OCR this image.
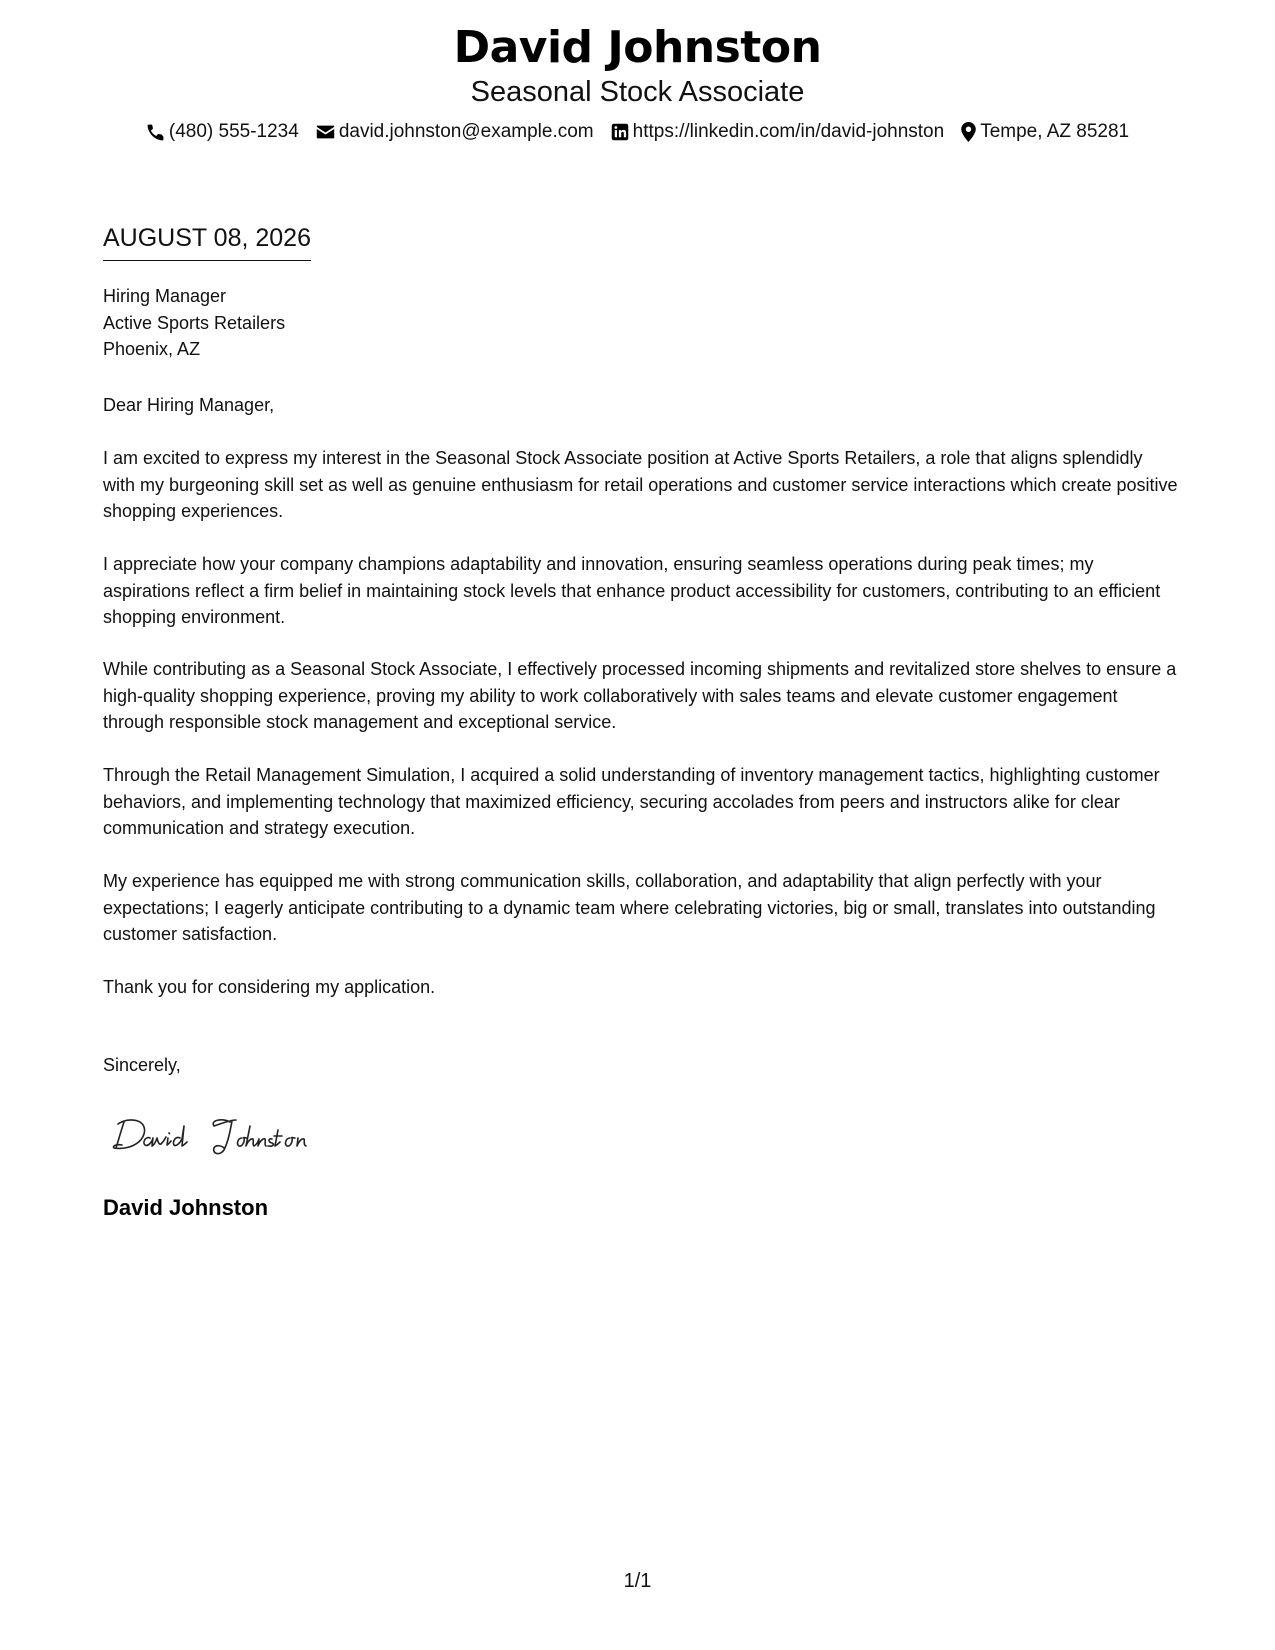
David Johnston
Seasonal Stock Associate
(480) 555-1234 david.johnston@example.com https://linkedin.com/in/david-johnston Tempe, AZ 85281
AUGUST 08, 2026
Hiring Manager
Active Sports Retailers
Phoenix, AZ
Dear Hiring Manager,
I am excited to express my interest in the Seasonal Stock Associate position at Active Sports Retailers, a role that aligns splendidly with my burgeoning skill set as well as genuine enthusiasm for retail operations and customer service interactions which create positive shopping experiences.
I appreciate how your company champions adaptability and innovation, ensuring seamless operations during peak times; my aspirations reflect a firm belief in maintaining stock levels that enhance product accessibility for customers, contributing to an efficient shopping environment.
While contributing as a Seasonal Stock Associate, I effectively processed incoming shipments and revitalized store shelves to ensure a high-quality shopping experience, proving my ability to work collaboratively with sales teams and elevate customer engagement through responsible stock management and exceptional service.
Through the Retail Management Simulation, I acquired a solid understanding of inventory management tactics, highlighting customer behaviors, and implementing technology that maximized efficiency, securing accolades from peers and instructors alike for clear communication and strategy execution.
My experience has equipped me with strong communication skills, collaboration, and adaptability that align perfectly with your expectations; I eagerly anticipate contributing to a dynamic team where celebrating victories, big or small, translates into outstanding customer satisfaction.
Thank you for considering my application.
Sincerely,
David Johnston
1/1
